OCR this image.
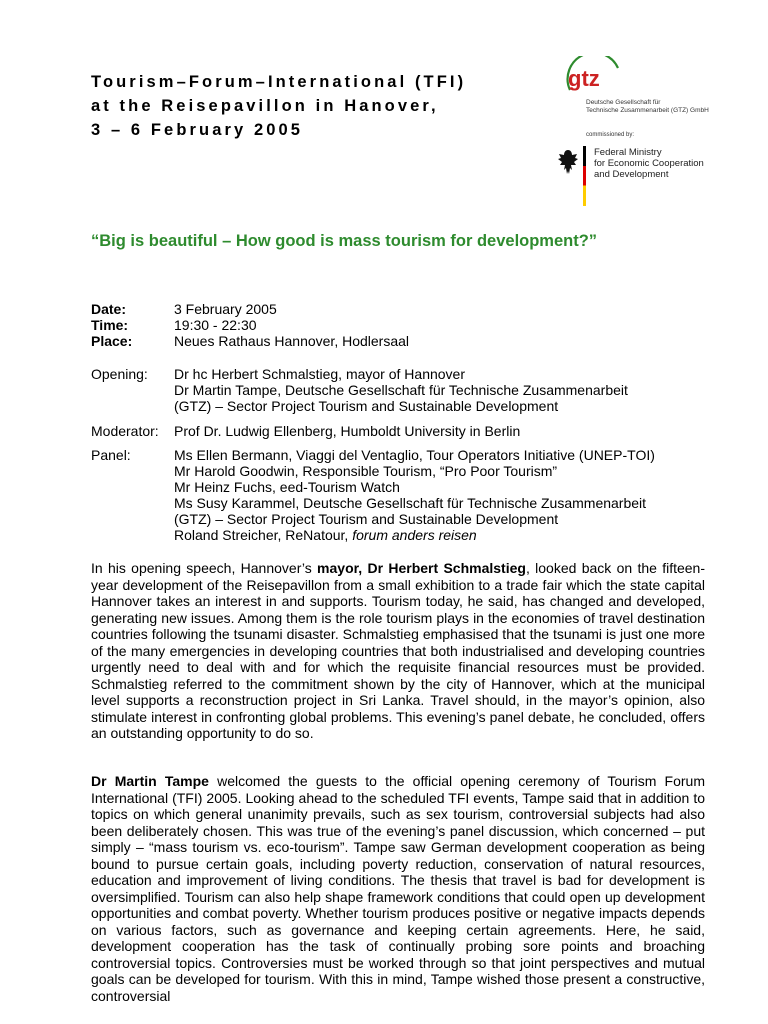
Tourism–Forum–International (TFI)
at the Reisepavillon in Hanover,
3 – 6 February 2005
gtz
Deutsche Gesellschaft für
Technische Zusammenarbeit (GTZ) GmbH
commissioned by:
Federal Ministry
for Economic Cooperation
and Development
“Big is beautiful – How good is mass tourism for development?”
Date:	3 February 2005
Time:	19:30 - 22:30
Place:	Neues Rathaus Hannover, Hodlersaal
Opening:	Dr hc Herbert Schmalstieg, mayor of Hannover
Dr Martin Tampe, Deutsche Gesellschaft für Technische Zusammenarbeit
(GTZ) – Sector Project Tourism and Sustainable Development
Moderator:	Prof Dr. Ludwig Ellenberg, Humboldt University in Berlin
Panel:	Ms Ellen Bermann, Viaggi del Ventaglio, Tour Operators Initiative (UNEP-TOI)
Mr Harold Goodwin, Responsible Tourism, “Pro Poor Tourism”
Mr Heinz Fuchs, eed-Tourism Watch
Ms Susy Karammel, Deutsche Gesellschaft für Technische Zusammenarbeit
(GTZ) – Sector Project Tourism and Sustainable Development
Roland Streicher, ReNatour, forum anders reisen
In his opening speech, Hannover’s mayor, Dr Herbert Schmalstieg, looked back on the fifteen-year development of the Reisepavillon from a small exhibition to a trade fair which the state capital Hannover takes an interest in and supports. Tourism today, he said, has changed and developed, generating new issues. Among them is the role tourism plays in the economies of travel destination countries following the tsunami disaster. Schmalstieg emphasised that the tsunami is just one more of the many emergencies in developing countries that both industrialised and developing countries urgently need to deal with and for which the requisite financial resources must be provided. Schmalstieg referred to the commitment shown by the city of Hannover, which at the municipal level supports a reconstruction project in Sri Lanka. Travel should, in the mayor’s opinion, also stimulate interest in confronting global problems. This evening’s panel debate, he concluded, offers an outstanding opportunity to do so.
Dr Martin Tampe welcomed the guests to the official opening ceremony of Tourism Forum International (TFI) 2005. Looking ahead to the scheduled TFI events, Tampe said that in addition to topics on which general unanimity prevails, such as sex tourism, controversial subjects had also been deliberately chosen. This was true of the evening’s panel discussion, which concerned – put simply – “mass tourism vs. eco-tourism”. Tampe saw German development cooperation as being bound to pursue certain goals, including poverty reduction, conservation of natural resources, education and improvement of living conditions. The thesis that travel is bad for development is oversimplified. Tourism can also help shape framework conditions that could open up development opportunities and combat poverty. Whether tourism produces positive or negative impacts depends on various factors, such as governance and keeping certain agreements. Here, he said, development cooperation has the task of continually probing sore points and broaching controversial topics. Controversies must be worked through so that joint perspectives and mutual goals can be developed for tourism. With this in mind, Tampe wished those present a constructive, controversial
